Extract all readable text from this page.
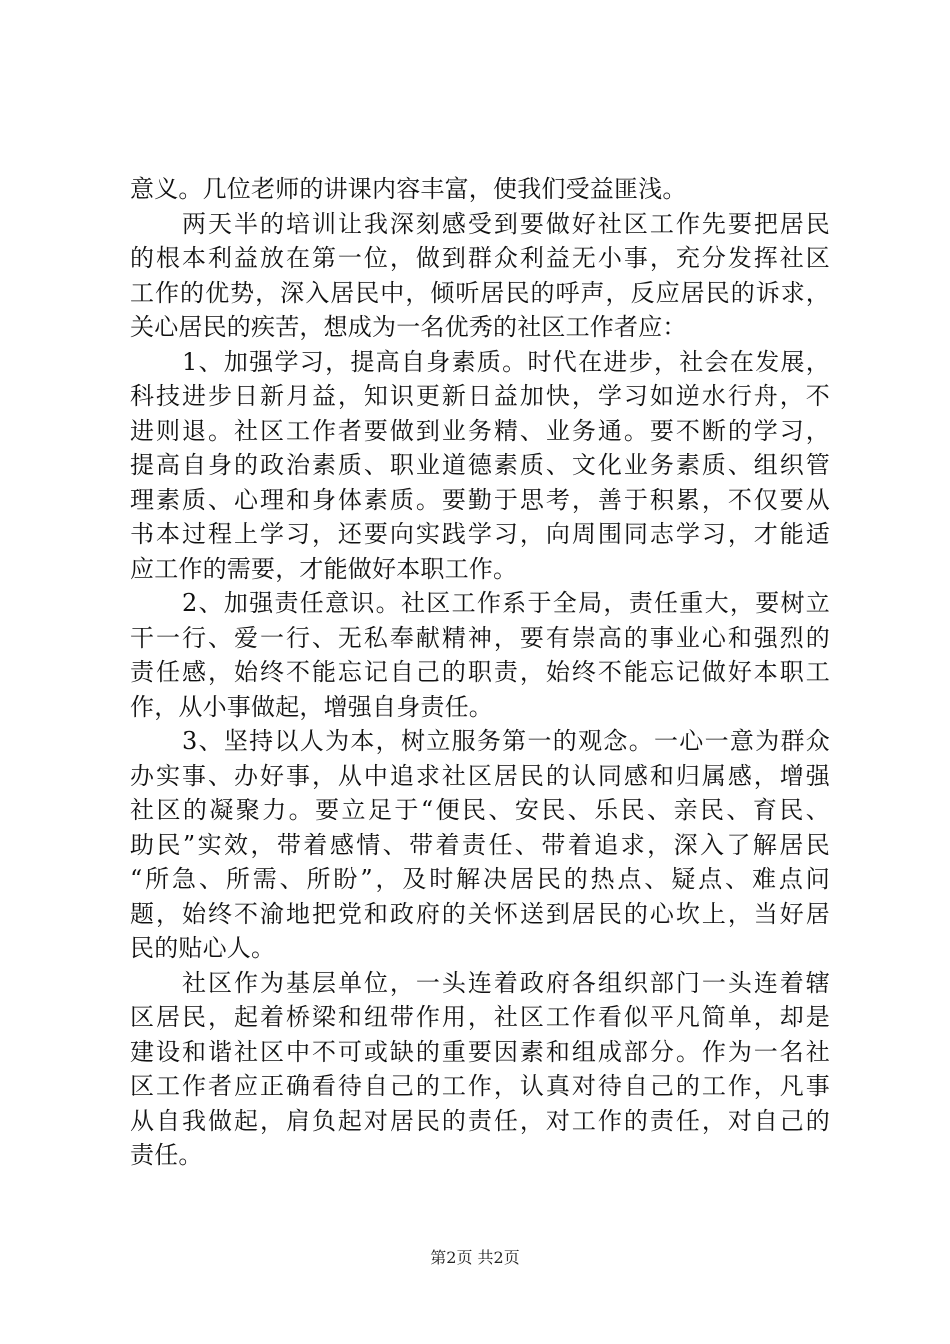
意义。几位老师的讲课内容丰富，使我们受益匪浅。
两天半的培训让我深刻感受到要做好社区工作先要把居民
的根本利益放在第一位，做到群众利益无小事，充分发挥社区
工作的优势，深入居民中，倾听居民的呼声，反应居民的诉求，
关心居民的疾苦，想成为一名优秀的社区工作者应：
1、加强学习，提高自身素质。时代在进步，社会在发展，
科技进步日新月益，知识更新日益加快，学习如逆水行舟，不
进则退。社区工作者要做到业务精、业务通。要不断的学习，
提高自身的政治素质、职业道德素质、文化业务素质、组织管
理素质、心理和身体素质。要勤于思考，善于积累，不仅要从
书本过程上学习，还要向实践学习，向周围同志学习，才能适
应工作的需要，才能做好本职工作。
2、加强责任意识。社区工作系于全局，责任重大，要树立
干一行、爱一行、无私奉献精神，要有崇高的事业心和强烈的
责任感，始终不能忘记自己的职责，始终不能忘记做好本职工
作，从小事做起，增强自身责任。
3、坚持以人为本，树立服务第一的观念。一心一意为群众
办实事、办好事，从中追求社区居民的认同感和归属感，增强
社区的凝聚力。要立足于“便民、安民、乐民、亲民、育民、
助民”实效，带着感情、带着责任、带着追求，深入了解居民
“所急、所需、所盼”，及时解决居民的热点、疑点、难点问
题，始终不渝地把党和政府的关怀送到居民的心坎上，当好居
民的贴心人。
社区作为基层单位，一头连着政府各组织部门一头连着辖
区居民，起着桥梁和纽带作用，社区工作看似平凡简单，却是
建设和谐社区中不可或缺的重要因素和组成部分。作为一名社
区工作者应正确看待自己的工作，认真对待自己的工作，凡事
从自我做起，肩负起对居民的责任，对工作的责任，对自己的
责任。
第2页 共2页
